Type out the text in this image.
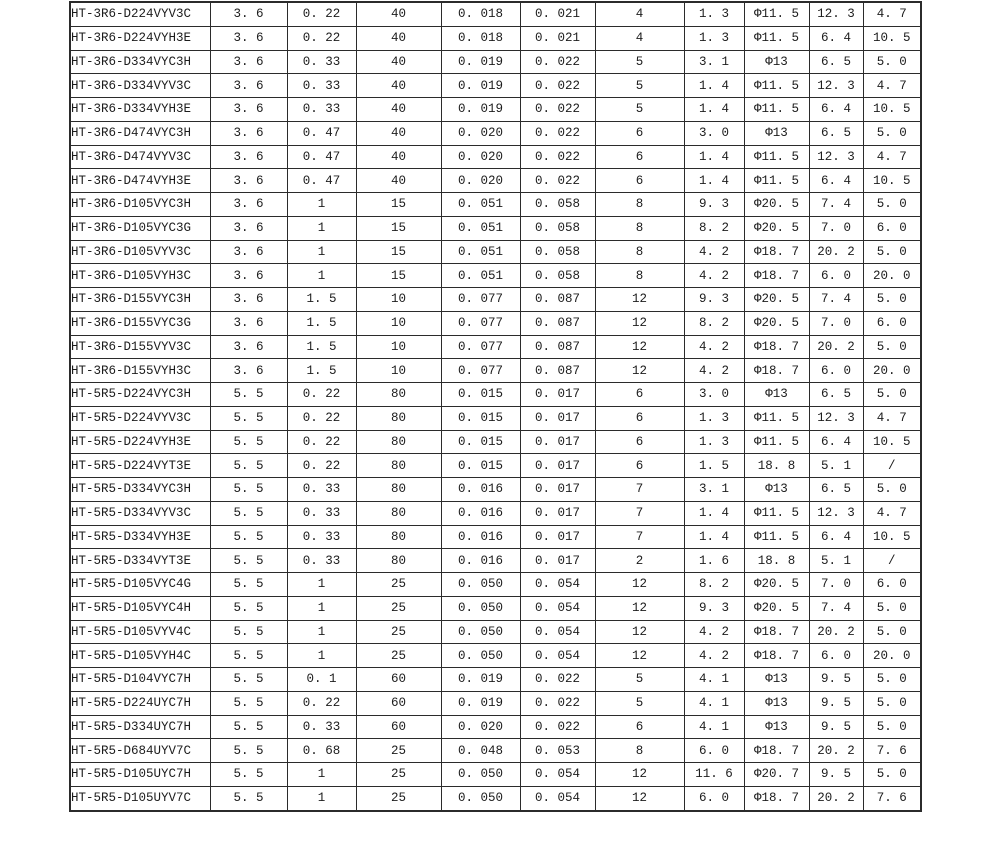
HT-3R6-D224VYV3C	3. 6	0. 22	40	0. 018	0. 021	4	1. 3	Φ11. 5	12. 3	4. 7
HT-3R6-D224VYH3E	3. 6	0. 22	40	0. 018	0. 021	4	1. 3	Φ11. 5	6. 4	10. 5
HT-3R6-D334VYC3H	3. 6	0. 33	40	0. 019	0. 022	5	3. 1	Φ13	6. 5	5. 0
HT-3R6-D334VYV3C	3. 6	0. 33	40	0. 019	0. 022	5	1. 4	Φ11. 5	12. 3	4. 7
HT-3R6-D334VYH3E	3. 6	0. 33	40	0. 019	0. 022	5	1. 4	Φ11. 5	6. 4	10. 5
HT-3R6-D474VYC3H	3. 6	0. 47	40	0. 020	0. 022	6	3. 0	Φ13	6. 5	5. 0
HT-3R6-D474VYV3C	3. 6	0. 47	40	0. 020	0. 022	6	1. 4	Φ11. 5	12. 3	4. 7
HT-3R6-D474VYH3E	3. 6	0. 47	40	0. 020	0. 022	6	1. 4	Φ11. 5	6. 4	10. 5
HT-3R6-D105VYC3H	3. 6	1	15	0. 051	0. 058	8	9. 3	Φ20. 5	7. 4	5. 0
HT-3R6-D105VYC3G	3. 6	1	15	0. 051	0. 058	8	8. 2	Φ20. 5	7. 0	6. 0
HT-3R6-D105VYV3C	3. 6	1	15	0. 051	0. 058	8	4. 2	Φ18. 7	20. 2	5. 0
HT-3R6-D105VYH3C	3. 6	1	15	0. 051	0. 058	8	4. 2	Φ18. 7	6. 0	20. 0
HT-3R6-D155VYC3H	3. 6	1. 5	10	0. 077	0. 087	12	9. 3	Φ20. 5	7. 4	5. 0
HT-3R6-D155VYC3G	3. 6	1. 5	10	0. 077	0. 087	12	8. 2	Φ20. 5	7. 0	6. 0
HT-3R6-D155VYV3C	3. 6	1. 5	10	0. 077	0. 087	12	4. 2	Φ18. 7	20. 2	5. 0
HT-3R6-D155VYH3C	3. 6	1. 5	10	0. 077	0. 087	12	4. 2	Φ18. 7	6. 0	20. 0
HT-5R5-D224VYC3H	5. 5	0. 22	80	0. 015	0. 017	6	3. 0	Φ13	6. 5	5. 0
HT-5R5-D224VYV3C	5. 5	0. 22	80	0. 015	0. 017	6	1. 3	Φ11. 5	12. 3	4. 7
HT-5R5-D224VYH3E	5. 5	0. 22	80	0. 015	0. 017	6	1. 3	Φ11. 5	6. 4	10. 5
HT-5R5-D224VYT3E	5. 5	0. 22	80	0. 015	0. 017	6	1. 5	18. 8	5. 1	/
HT-5R5-D334VYC3H	5. 5	0. 33	80	0. 016	0. 017	7	3. 1	Φ13	6. 5	5. 0
HT-5R5-D334VYV3C	5. 5	0. 33	80	0. 016	0. 017	7	1. 4	Φ11. 5	12. 3	4. 7
HT-5R5-D334VYH3E	5. 5	0. 33	80	0. 016	0. 017	7	1. 4	Φ11. 5	6. 4	10. 5
HT-5R5-D334VYT3E	5. 5	0. 33	80	0. 016	0. 017	2	1. 6	18. 8	5. 1	/
HT-5R5-D105VYC4G	5. 5	1	25	0. 050	0. 054	12	8. 2	Φ20. 5	7. 0	6. 0
HT-5R5-D105VYC4H	5. 5	1	25	0. 050	0. 054	12	9. 3	Φ20. 5	7. 4	5. 0
HT-5R5-D105VYV4C	5. 5	1	25	0. 050	0. 054	12	4. 2	Φ18. 7	20. 2	5. 0
HT-5R5-D105VYH4C	5. 5	1	25	0. 050	0. 054	12	4. 2	Φ18. 7	6. 0	20. 0
HT-5R5-D104VYC7H	5. 5	0. 1	60	0. 019	0. 022	5	4. 1	Φ13	9. 5	5. 0
HT-5R5-D224UYC7H	5. 5	0. 22	60	0. 019	0. 022	5	4. 1	Φ13	9. 5	5. 0
HT-5R5-D334UYC7H	5. 5	0. 33	60	0. 020	0. 022	6	4. 1	Φ13	9. 5	5. 0
HT-5R5-D684UYV7C	5. 5	0. 68	25	0. 048	0. 053	8	6. 0	Φ18. 7	20. 2	7. 6
HT-5R5-D105UYC7H	5. 5	1	25	0. 050	0. 054	12	11. 6	Φ20. 7	9. 5	5. 0
HT-5R5-D105UYV7C	5. 5	1	25	0. 050	0. 054	12	6. 0	Φ18. 7	20. 2	7. 6
